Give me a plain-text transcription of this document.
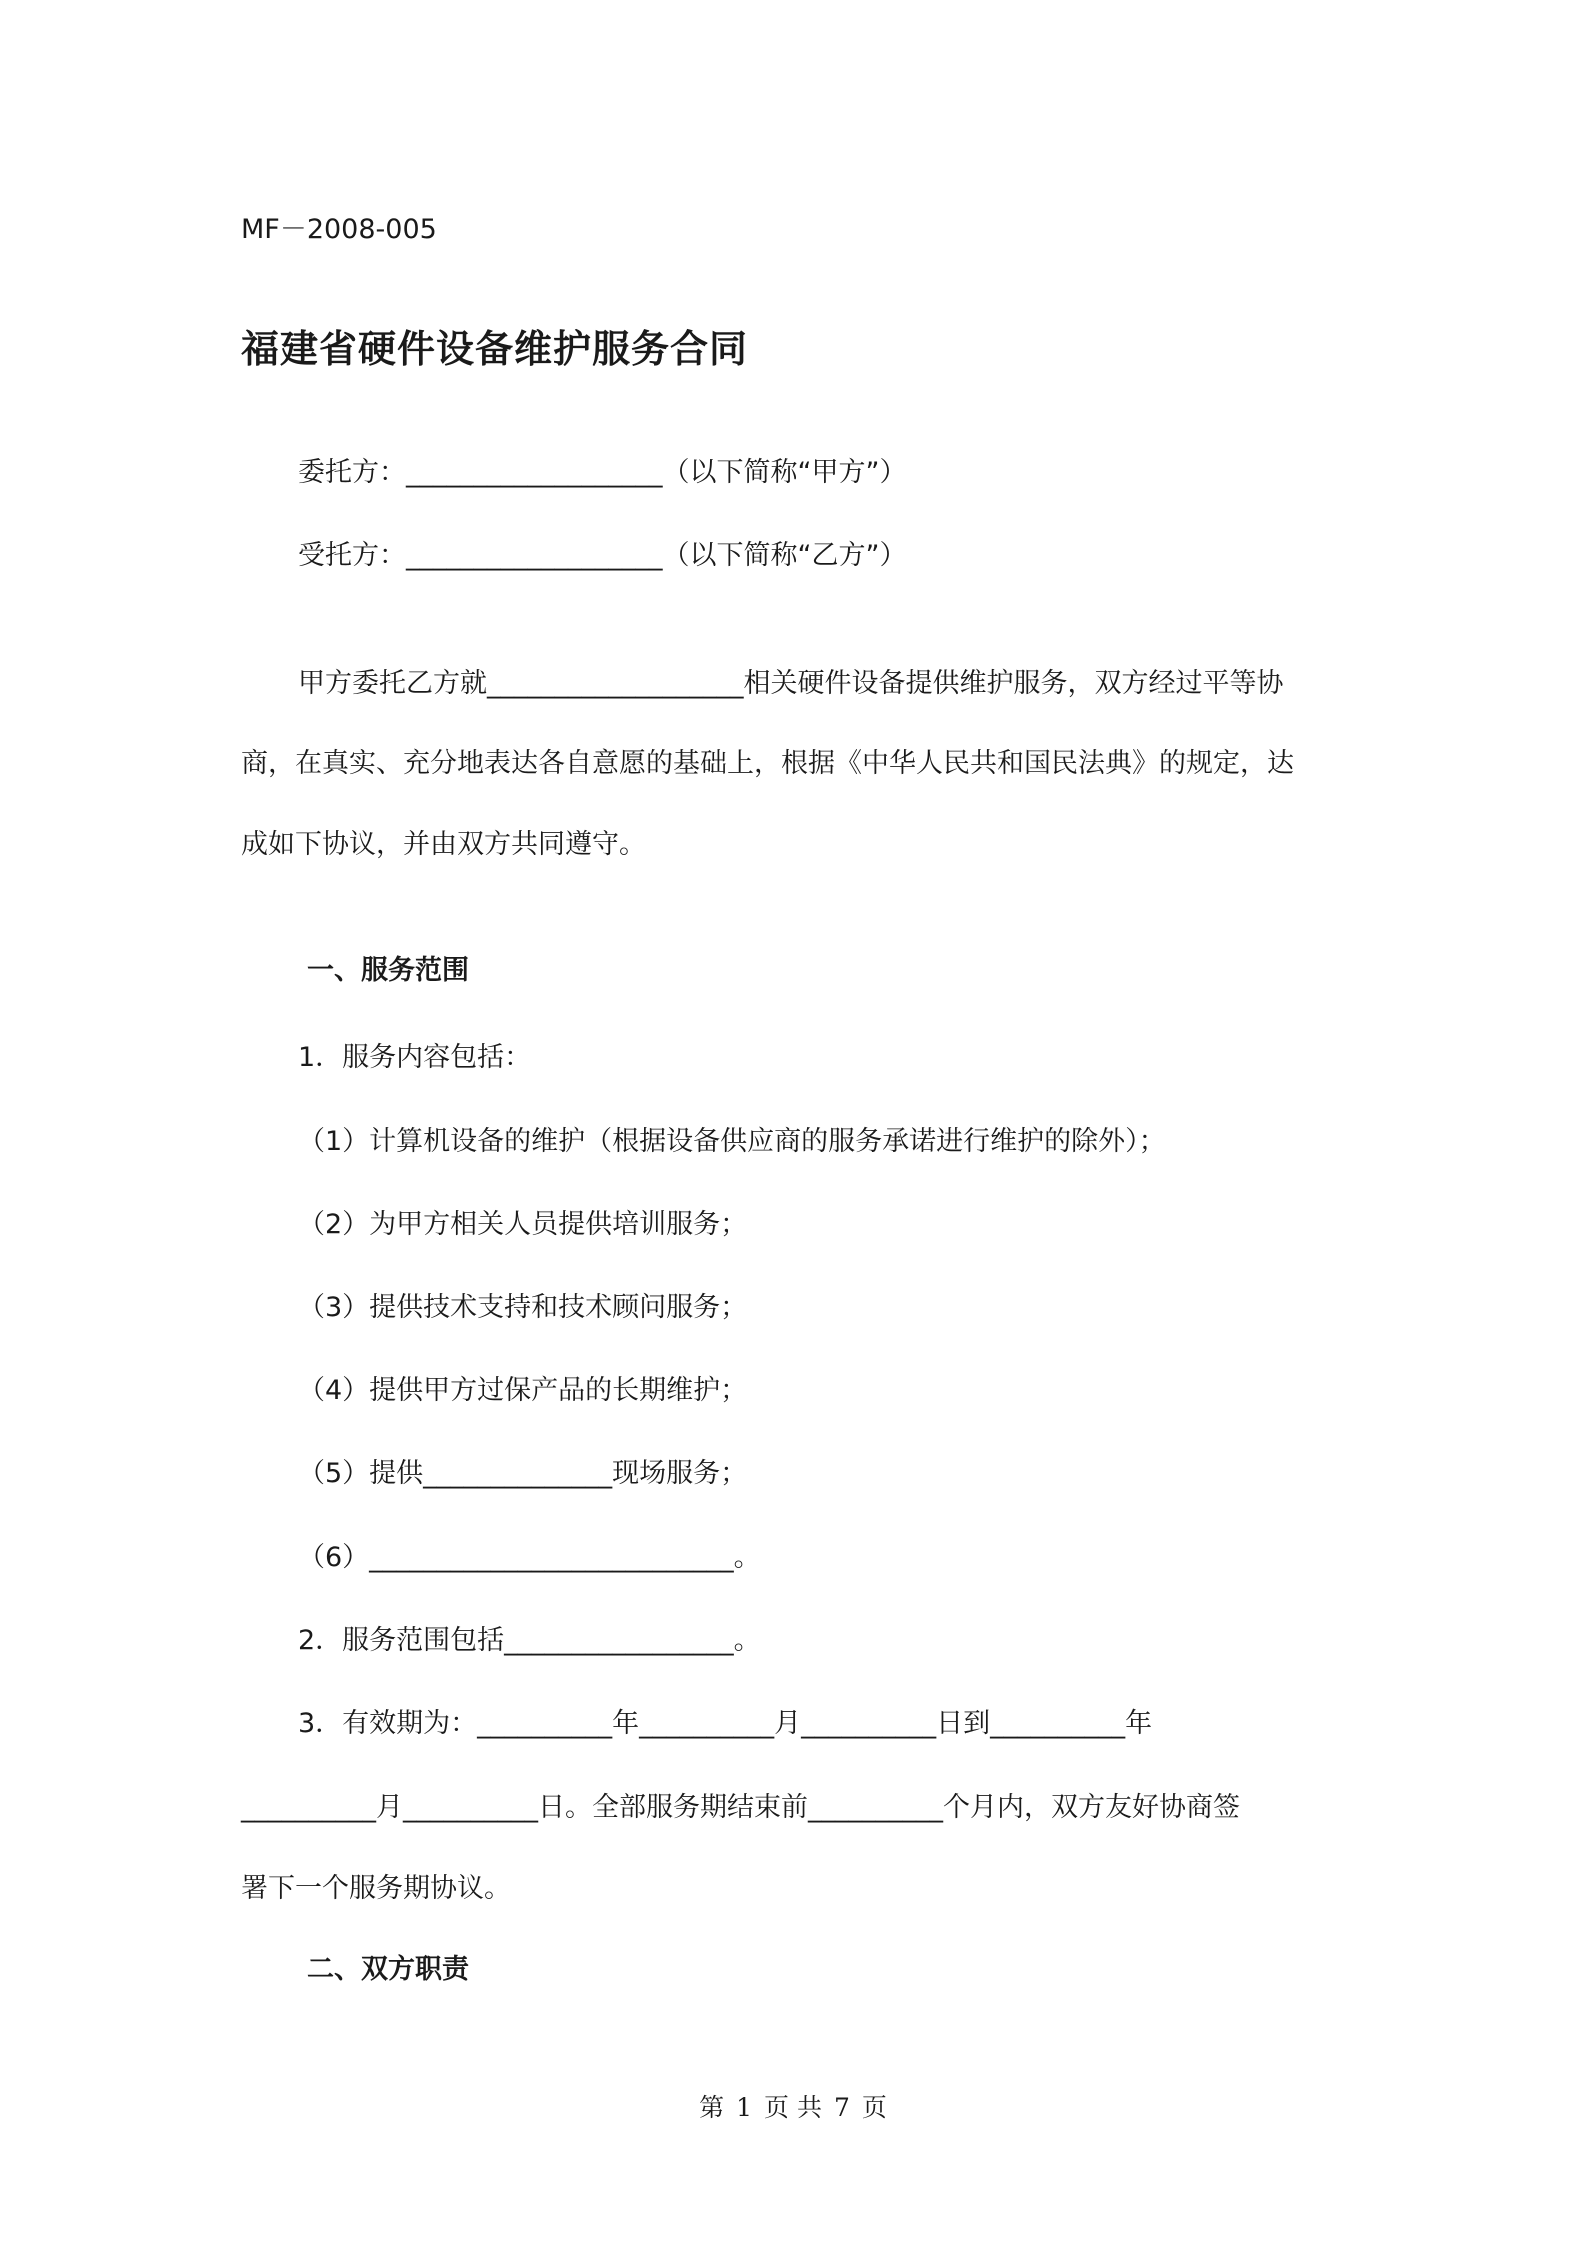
MF－2008-005
福建省硬件设备维护服务合同
委托方：___________________（以下简称“甲方”）
受托方：___________________（以下简称“乙方”）
甲方委托乙方就___________________相关硬件设备提供维护服务，双方经过平等协
商，在真实、充分地表达各自意愿的基础上，根据《中华人民共和国民法典》的规定，达
成如下协议，并由双方共同遵守。
一、服务范围
1．服务内容包括：
（1）计算机设备的维护（根据设备供应商的服务承诺进行维护的除外）；
（2）为甲方相关人员提供培训服务；
（3）提供技术支持和技术顾问服务；
（4）提供甲方过保产品的长期维护；
（5）提供______________现场服务；
（6）___________________________。
2．服务范围包括_________________。
3．有效期为：__________年__________月__________日到__________年
__________月__________日。全部服务期结束前__________个月内，双方友好协商签
署下一个服务期协议。
二、双方职责
第 1 页 共 7 页
